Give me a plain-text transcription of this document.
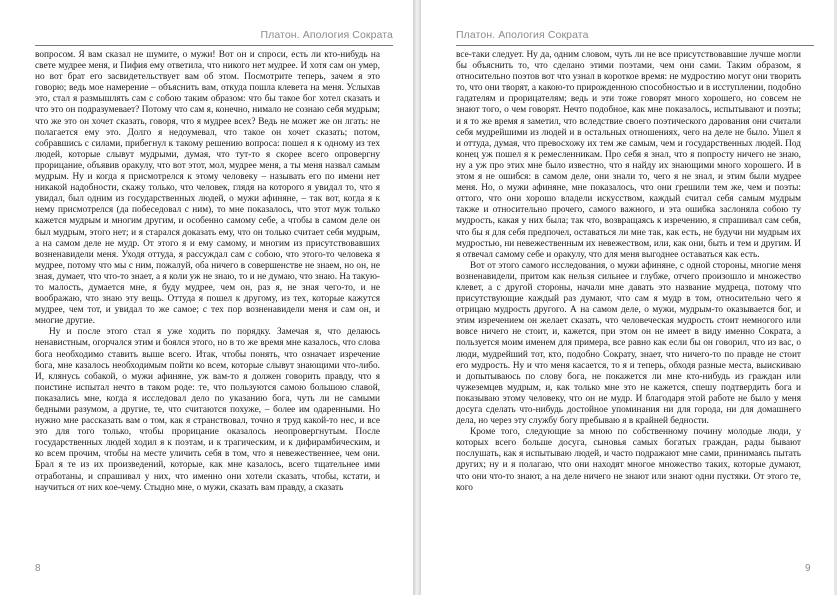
Платон. Апология Сократа

вопросом. Я вам сказал не шумите, о мужи! Вот он и спроси, есть ли кто-нибудь на свете мудрее меня, и Пифия ему ответила, что никого нет мудрее. И хотя сам он умер, но вот брат его засвидетельствует вам об этом. Посмотрите теперь, зачем я это говорю; ведь мое намерение – объяснить вам, откуда пошла клевета на меня. Услыхав это, стал я размышлять сам с собою таким образом: что бы такое бог хотел сказать и что это он подразумевает? Потому что сам я, конечно, нимало не сознаю себя мудрым; что же это он хочет сказать, говоря, что я мудрее всех? Ведь не может же он лгать: не полагается ему это. Долго я недоумевал, что такое он хочет сказать; потом, собравшись с силами, прибегнул к такому решению вопроса: пошел я к одному из тех людей, которые слывут мудрыми, думая, что тут-то я скорее всего опровергну прорицание, объявив оракулу, что вот этот, мол, мудрее меня, а ты меня назвал самым мудрым. Ну и когда я присмотрелся к этому человеку – называть его по имени нет никакой надобности, скажу только, что человек, глядя на которого я увидал то, что я увидал, был одним из государственных людей, о мужи афиняне, – так вот, когда я к нему присмотрелся (да побеседовал с ним), то мне показалось, что этот муж только кажется мудрым и многим другим, и особенно самому себе, а чтобы в самом деле он был мудрым, этого нет; и я старался доказать ему, что он только считает себя мудрым, а на самом деле не мудр. От этого я и ему самому, и многим из присутствовавших возненавидели меня. Уходя оттуда, я рассуждал сам с собою, что этого-то человека я мудрее, потому что мы с ним, пожалуй, оба ничего в совершенстве не знаем, но он, не зная, думает, что что-то знает, а я коли уж не знаю, то и не думаю, что знаю. На такую-то малость, думается мне, я буду мудрее, чем он, раз я, не зная чего-то, и не воображаю, что знаю эту вещь. Оттуда я пошел к другому, из тех, которые кажутся мудрее, чем тот, и увидал то же самое; с тех пор возненавидели меня и сам он, и многие другие.

Ну и после этого стал я уже ходить по порядку. Замечая я, что делаюсь ненавистным, огорчался этим и боялся этого, но в то же время мне казалось, что слова бога необходимо ставить выше всего. Итак, чтобы понять, что означает изречение бога, мне казалось необходимым пойти ко всем, которые слывут знающими что-либо. И, клянусь собакой, о мужи афиняне, уж вам-то я должен говорить правду, что я поистине испытал нечто в таком роде: те, что пользуются самою большою славой, показались мне, когда я исследовал дело по указанию бога, чуть ли не самыми бедными разумом, а другие, те, что считаются похуже, – более им одаренными. Но нужно мне рассказать вам о том, как я странствовал, точно я труд какой-то нес, и все это для того только, чтобы прорицание оказалось неопровергнутым. После государственных людей ходил я к поэтам, и к трагическим, и к дифирамбическим, и ко всем прочим, чтобы на месте уличить себя в том, что я невежественнее, чем они. Брал я те из их произведений, которые, как мне казалось, всего тщательнее ими отработаны, и спрашивал у них, что именно они хотели сказать, чтобы, кстати, и научиться от них кое-чему. Стыдно мне, о мужи, сказать вам правду, а сказать

8
Платон. Апология Сократа

все-таки следует. Ну да, одним словом, чуть ли не все присутствовавшие лучше могли бы объяснить то, что сделано этими поэтами, чем они сами. Таким образом, я относительно поэтов вот что узнал в короткое время: не мудростию могут они творить то, что они творят, а какою-то прирожденною способностью и в исступлении, подобно гадателям и прорицателям; ведь и эти тоже говорят много хорошего, но совсем не знают того, о чем говорят. Нечто подобное, как мне показалось, испытывают и поэты; и я то же время я заметил, что вследствие своего поэтического дарования они считали себя мудрейшими из людей и в остальных отношениях, чего на деле не было. Ушел я и оттуда, думая, что превосхожу их тем же самым, чем и государственных людей. Под конец уж пошел я к ремесленникам. Про себя я знал, что я попросту ничего не знаю, ну а уж про этих мне было известно, что я найду их знающими много хорошего. И в этом я не ошибся: в самом деле, они знали то, чего я не знал, и этим были мудрее меня. Но, о мужи афиняне, мне показалось, что они грешили тем же, чем и поэты: оттого, что они хорошо владели искусством, каждый считал себя самым мудрым также и относительно прочего, самого важного, и эта ошибка заслоняла собою ту мудрость, какая у них была; так что, возвращаясь к изречению, я спрашивал сам себя, что бы я для себя предпочел, оставаться ли мне так, как есть, не будучи ни мудрым их мудростью, ни невежественным их невежеством, или, как они, быть и тем и другим. И я отвечал самому себе и оракулу, что для меня выгоднее оставаться как есть.

Вот от этого самого исследования, о мужи афиняне, с одной стороны, многие меня возненавидели, притом как нельзя сильнее и глубже, отчего произошло и множество клевет, а с другой стороны, начали мне давать это название мудреца, потому что присутствующие каждый раз думают, что сам я мудр в том, относительно чего я отрицаю мудрость другого. А на самом деле, о мужи, мудрым-то оказывается бог, и этим изречением он желает сказать, что человеческая мудрость стоит немногого или вовсе ничего не стоит, и, кажется, при этом он не имеет в виду именно Сократа, а пользуется моим именем для примера, все равно как если бы он говорил, что из вас, о люди, мудрейший тот, кто, подобно Сократу, знает, что ничего-то по правде не стоит его мудрость. Ну и что меня касается, то я и теперь, обходя разные места, выискиваю и допытываюсь по слову бога, не покажется ли мне кто-нибудь из граждан или чужеземцев мудрым, и, как только мне это не кажется, спешу подтвердить бога и показываю этому человеку, что он не мудр. И благодаря этой работе не было у меня досуга сделать что-нибудь достойное упоминания ни для города, ни для домашнего дела, но через эту службу богу пребываю я в крайней бедности.

Кроме того, следующие за мною по собственному почину молодые люди, у которых всего больше досуга, сыновья самых богатых граждан, рады бывают послушать, как я испытываю людей, и часто подражают мне сами, принимаясь пытать других; ну и я полагаю, что они находят многое множество таких, которые думают, что они что-то знают, а на деле ничего не знают или знают одни пустяки. От этого те, кого

9
